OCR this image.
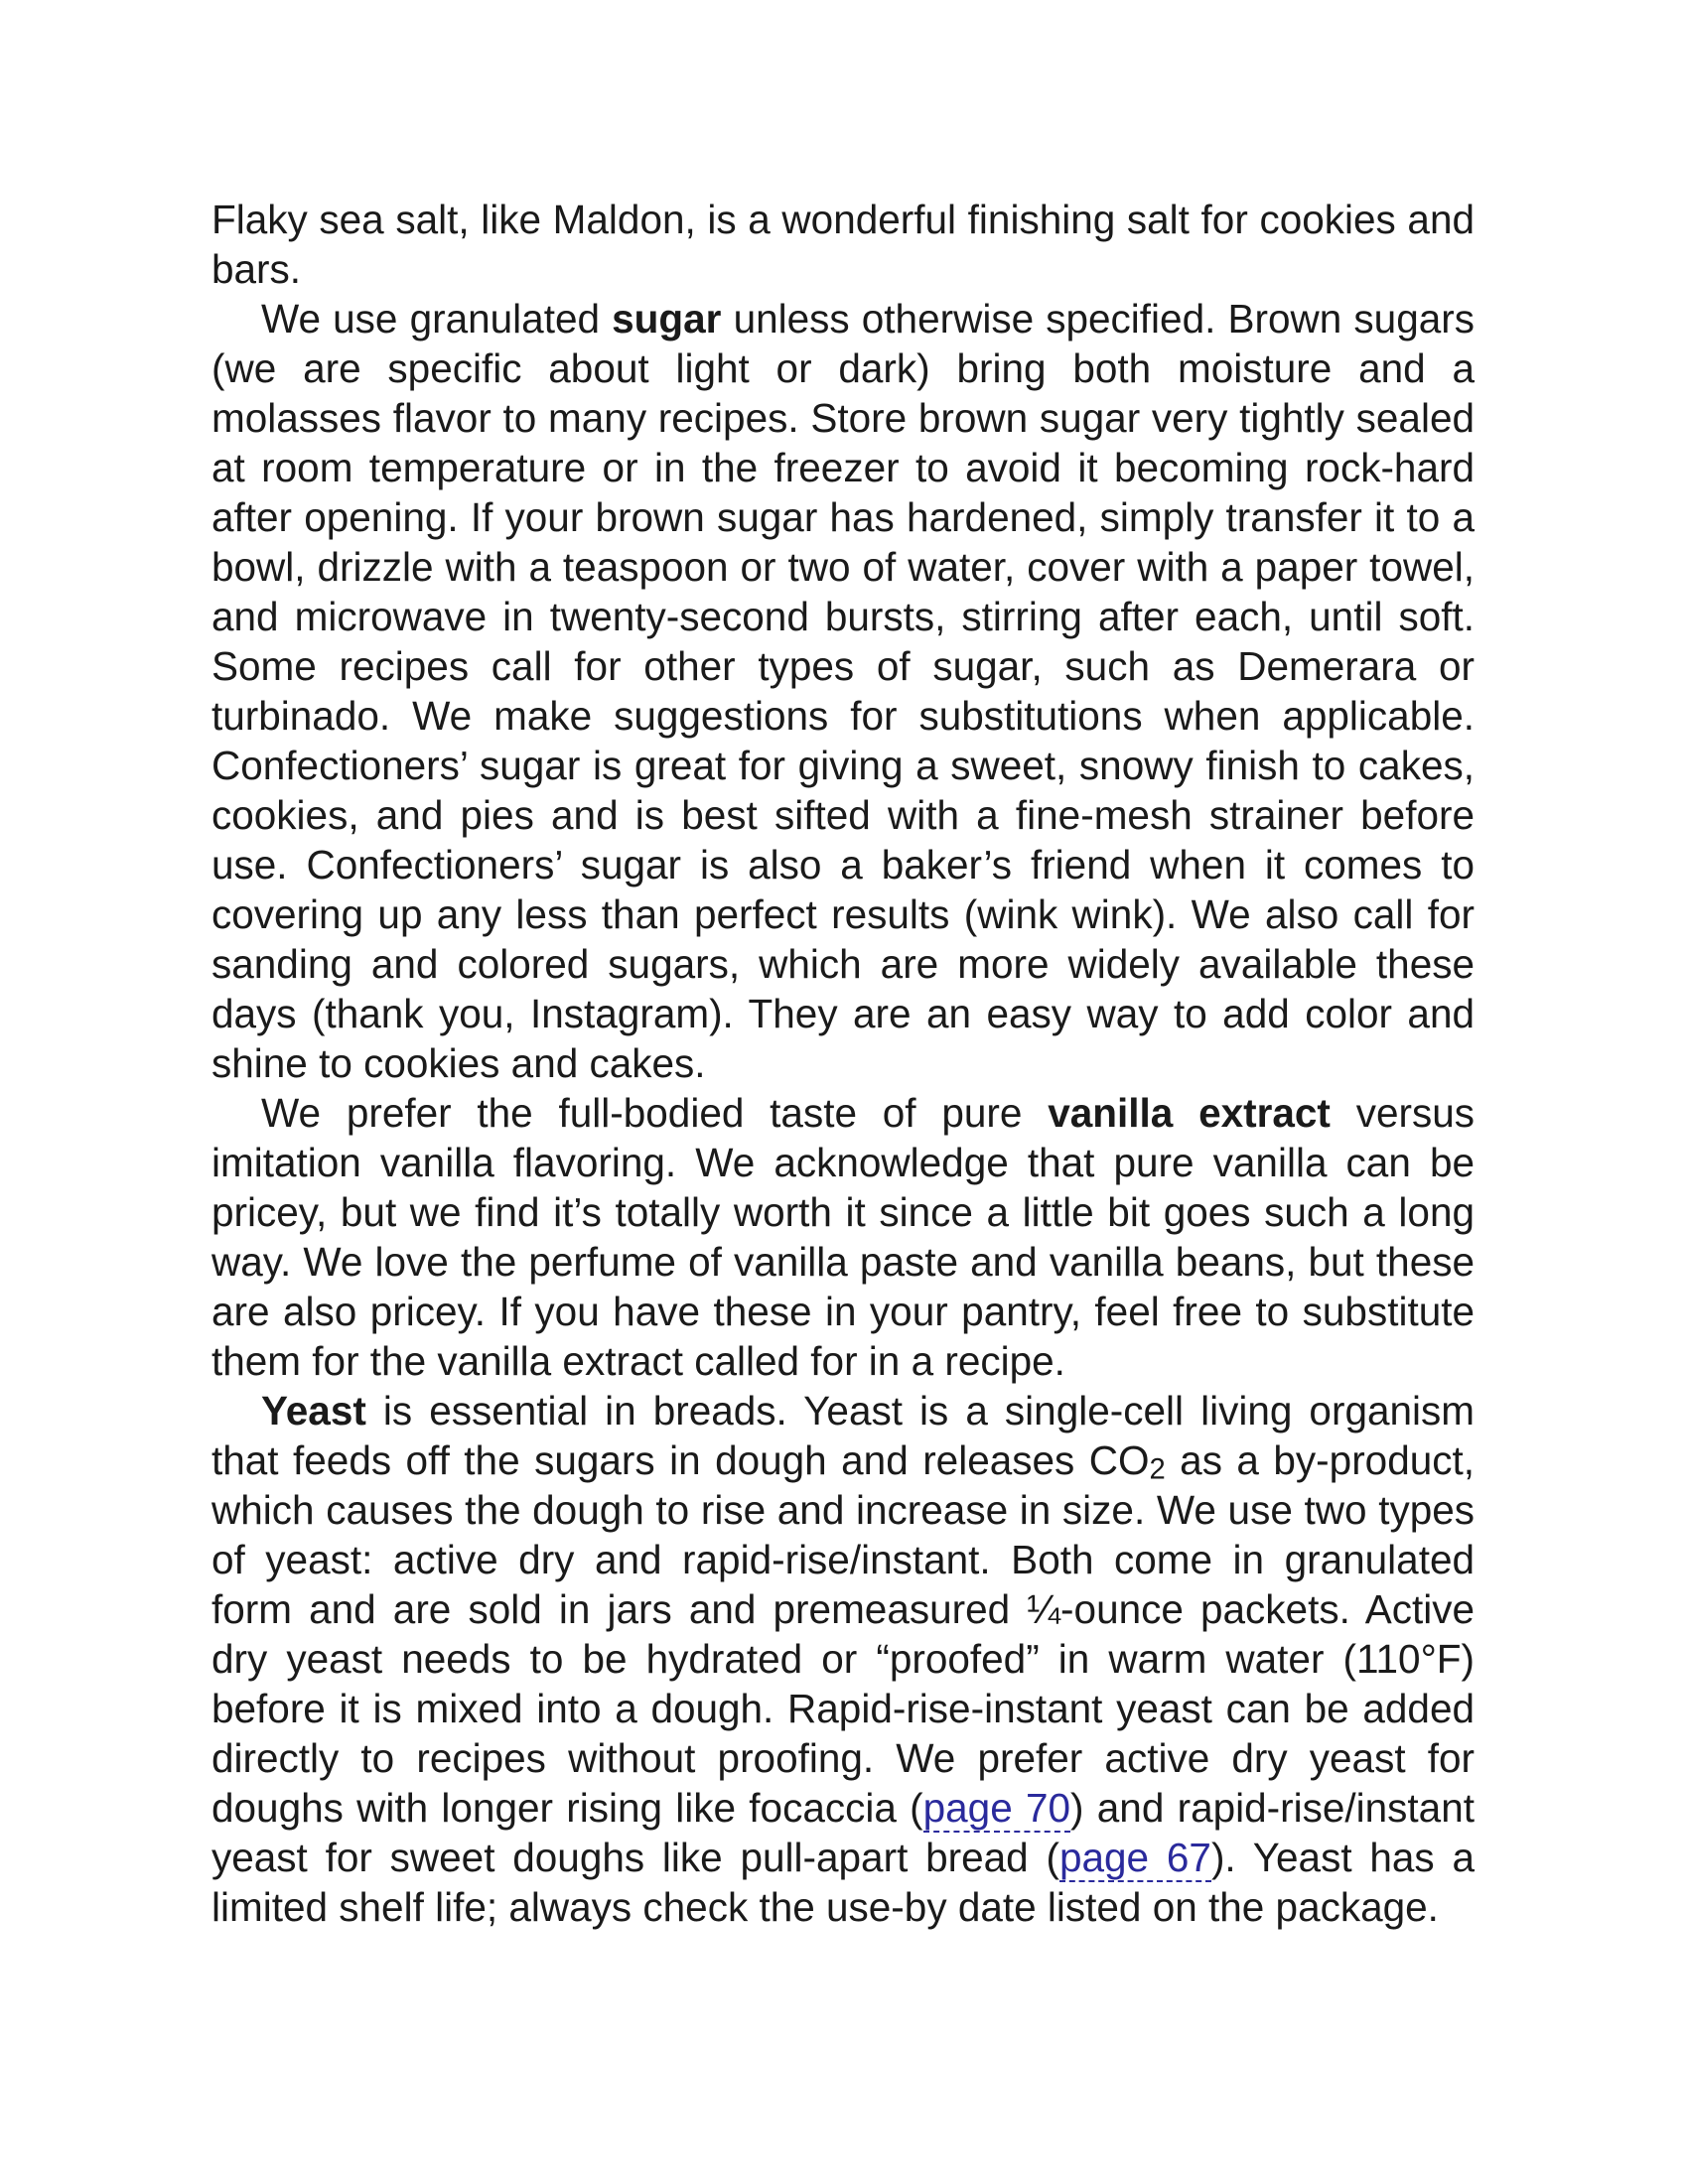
Flaky sea salt, like Maldon, is a wonderful finishing salt for cookies and bars.

We use granulated sugar unless otherwise specified. Brown sugars (we are specific about light or dark) bring both moisture and a molasses flavor to many recipes. Store brown sugar very tightly sealed at room temperature or in the freezer to avoid it becoming rock-hard after opening. If your brown sugar has hardened, simply transfer it to a bowl, drizzle with a teaspoon or two of water, cover with a paper towel, and microwave in twenty-second bursts, stirring after each, until soft. Some recipes call for other types of sugar, such as Demerara or turbinado. We make suggestions for substitutions when applicable. Confectioners’ sugar is great for giving a sweet, snowy finish to cakes, cookies, and pies and is best sifted with a fine-mesh strainer before use. Confectioners’ sugar is also a baker’s friend when it comes to covering up any less than perfect results (wink wink). We also call for sanding and colored sugars, which are more widely available these days (thank you, Instagram). They are an easy way to add color and shine to cookies and cakes.

We prefer the full-bodied taste of pure vanilla extract versus imitation vanilla flavoring. We acknowledge that pure vanilla can be pricey, but we find it’s totally worth it since a little bit goes such a long way. We love the perfume of vanilla paste and vanilla beans, but these are also pricey. If you have these in your pantry, feel free to substitute them for the vanilla extract called for in a recipe.

Yeast is essential in breads. Yeast is a single-cell living organism that feeds off the sugars in dough and releases $CO_2$ as a by-product, which causes the dough to rise and increase in size. We use two types of yeast: active dry and rapid-rise/instant. Both come in granulated form and are sold in jars and premeasured ¼-ounce packets. Active dry yeast needs to be hydrated or “proofed” in warm water (110°F) before it is mixed into a dough. Rapid-rise-instant yeast can be added directly to recipes without proofing. We prefer active dry yeast for doughs with longer rising like focaccia (page 70) and rapid-rise/instant yeast for sweet doughs like pull-apart bread (page 67). Yeast has a limited shelf life; always check the use-by date listed on the package.
